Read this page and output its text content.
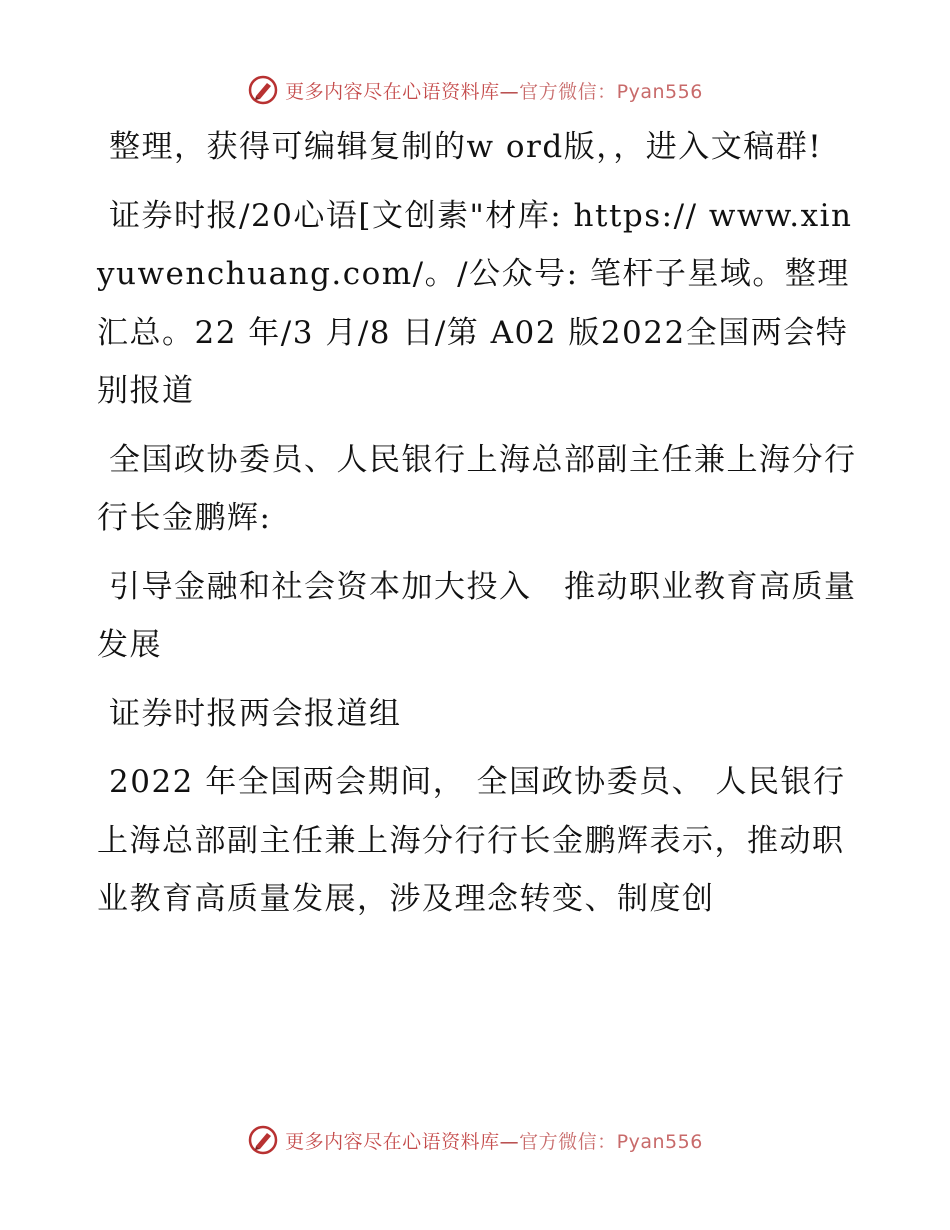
更多内容尽在心语资料库—官方微信：Pyan556

整理，获得可编辑复制的w ord版，，进入文稿群!

证券时报/20心语[文创素"材库: https:// www.xinyuwenchuang.com/。/公众号: 笔杆子星域。整理汇总。22 年/3 月/8 日/第 A02 版2022全国两会特别报道

全国政协委员、人民银行上海总部副主任兼上海分行行长金鹏辉:

引导金融和社会资本加大投入　推动职业教育高质量发展

证券时报两会报道组

2022 年全国两会期间， 全国政协委员、 人民银行上海总部副主任兼上海分行行长金鹏辉表示，推动职业教育高质量发展，涉及理念转变、制度创

更多内容尽在心语资料库—官方微信：Pyan556
